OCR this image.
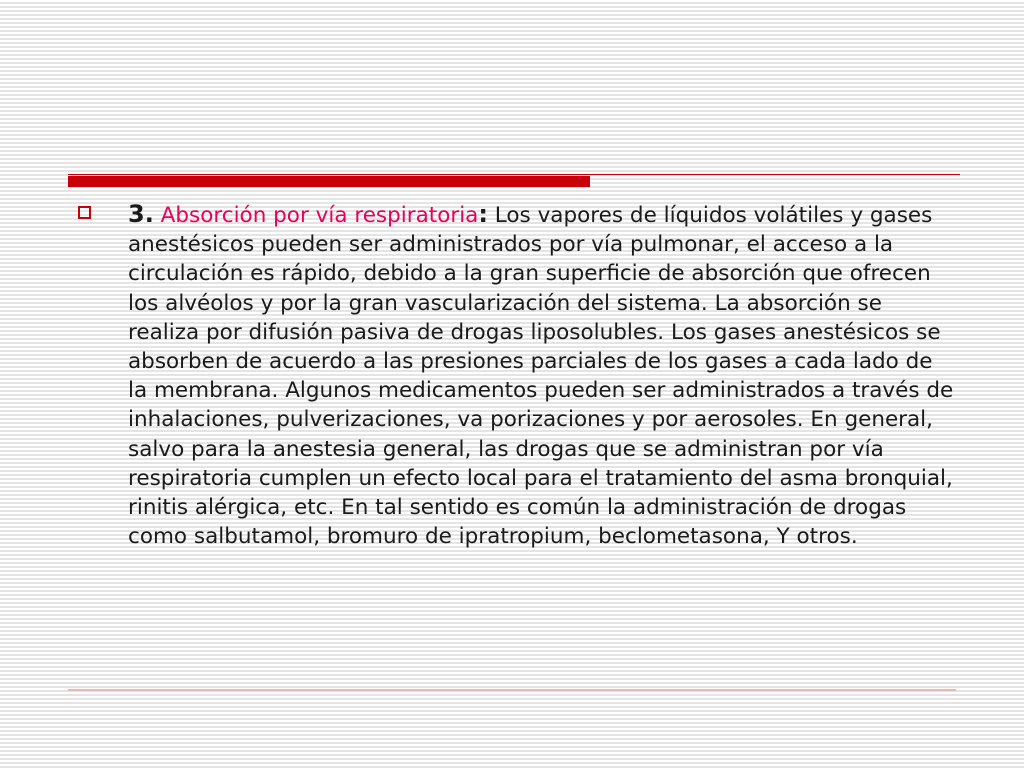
3. Absorción por vía respiratoria: Los vapores de líquidos volátiles y gases anestésicos pueden ser administrados por vía pulmonar, el acceso a la circulación es rápido, debido a la gran superficie de absorción que ofrecen los alvéolos y por la gran vascularización del sistema. La absorción se realiza por difusión pasiva de drogas liposolubles. Los gases anestésicos se absorben de acuerdo a las presiones parciales de los gases a cada lado de la membrana. Algunos medicamentos pueden ser administrados a través de inhalaciones, pulverizaciones, va porizaciones y por aerosoles. En general, salvo para la anestesia general, las drogas que se administran por vía respiratoria cumplen un efecto local para el tratamiento del asma bronquial, rinitis alérgica, etc. En tal sentido es común la administración de drogas como salbutamol, bromuro de ipratropium, beclometasona, Y otros.
